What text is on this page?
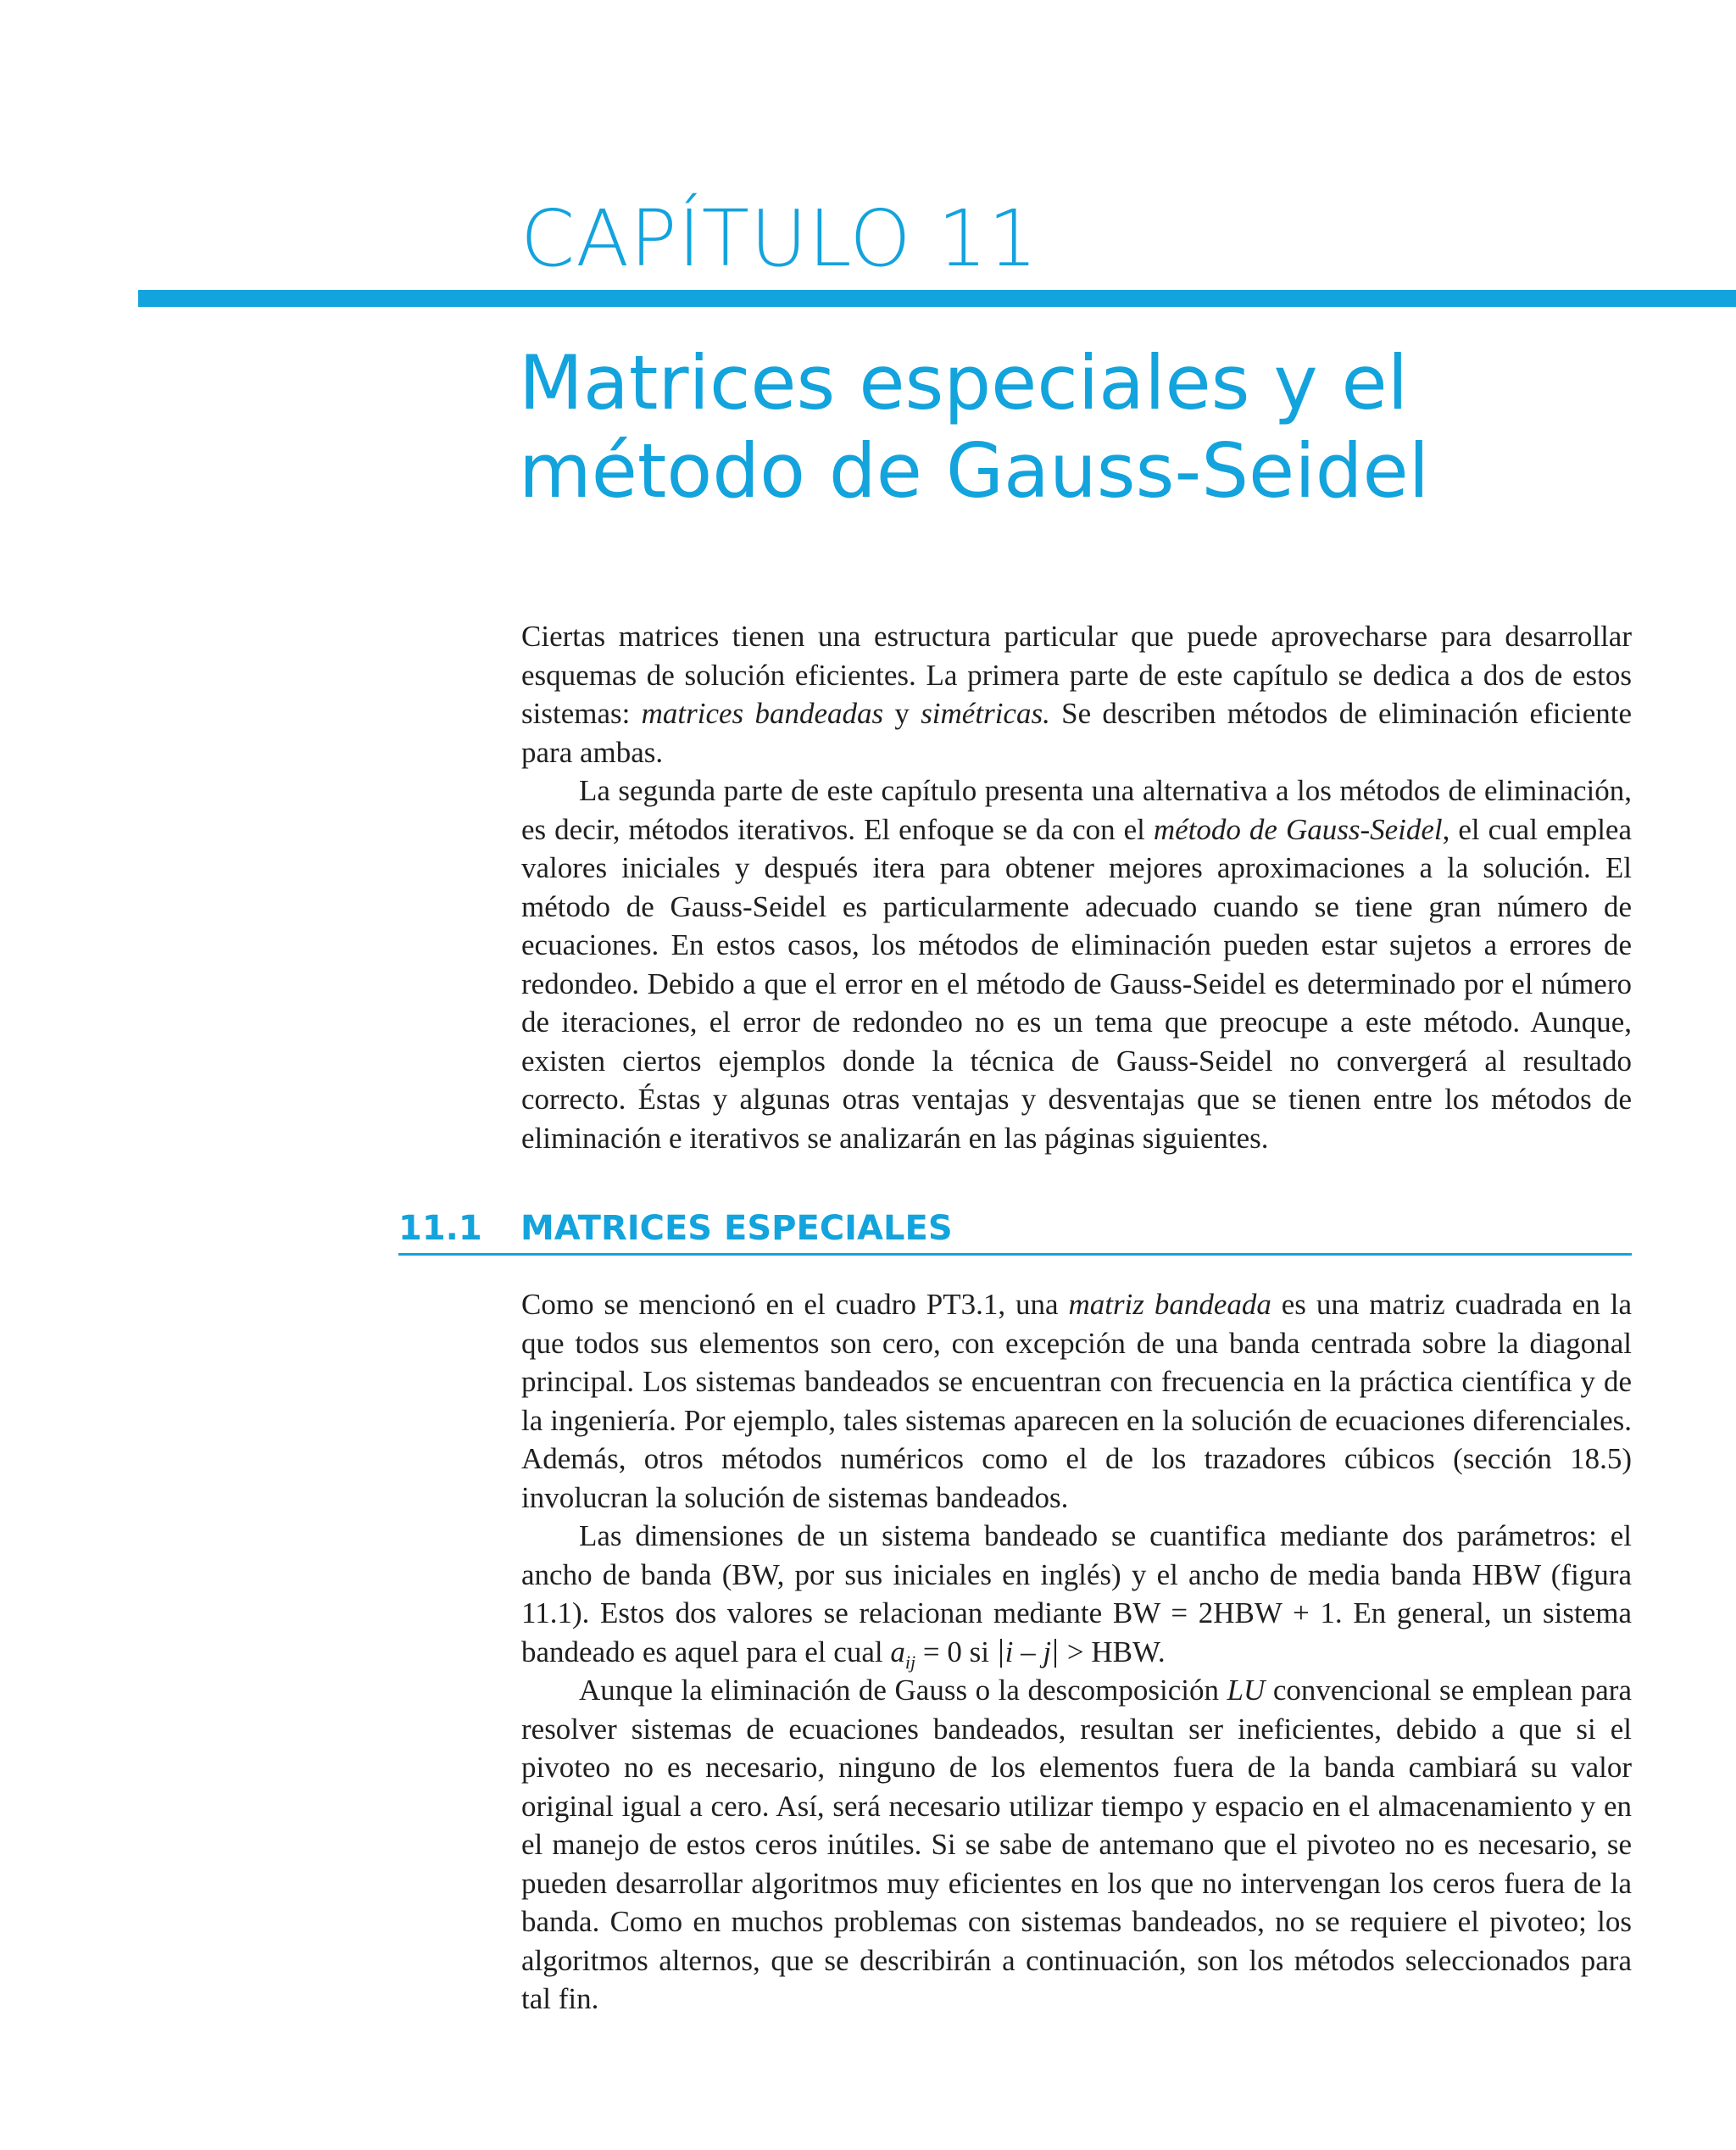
CAPÍTULO 11
Matrices especiales y el método de Gauss-Seidel

Ciertas matrices tienen una estructura particular que puede aprovecharse para desarrollar esquemas de solución eficientes. La primera parte de este capítulo se dedica a dos de estos sistemas: matrices bandeadas y simétricas. Se describen métodos de eliminación eficiente para ambas.

La segunda parte de este capítulo presenta una alternativa a los métodos de eliminación, es decir, métodos iterativos. El enfoque se da con el método de Gauss-Seidel, el cual emplea valores iniciales y después itera para obtener mejores aproximaciones a la solución. El método de Gauss-Seidel es particularmente adecuado cuando se tiene gran número de ecuaciones. En estos casos, los métodos de eliminación pueden estar sujetos a errores de redondeo. Debido a que el error en el método de Gauss-Seidel es determinado por el número de iteraciones, el error de redondeo no es un tema que preocupe a este método. Aunque, existen ciertos ejemplos donde la técnica de Gauss-Seidel no convergerá al resultado correcto. Éstas y algunas otras ventajas y desventajas que se tienen entre los métodos de eliminación e iterativos se analizarán en las páginas siguientes.

11.1 MATRICES ESPECIALES

Como se mencionó en el cuadro PT3.1, una matriz bandeada es una matriz cuadrada en la que todos sus elementos son cero, con excepción de una banda centrada sobre la diagonal principal. Los sistemas bandeados se encuentran con frecuencia en la práctica científica y de la ingeniería. Por ejemplo, tales sistemas aparecen en la solución de ecuaciones diferenciales. Además, otros métodos numéricos como el de los trazadores cúbicos (sección 18.5) involucran la solución de sistemas bandeados.

Las dimensiones de un sistema bandeado se cuantifica mediante dos parámetros: el ancho de banda (BW, por sus iniciales en inglés) y el ancho de media banda HBW (figura 11.1). Estos dos valores se relacionan mediante BW = 2HBW + 1. En general, un sistema bandeado es aquel para el cual $a_{ij} = 0$ si i – j > HBW.

Aunque la eliminación de Gauss o la descomposición LU convencional se emplean para resolver sistemas de ecuaciones bandeados, resultan ser ineficientes, debido a que si el pivoteo no es necesario, ninguno de los elementos fuera de la banda cambiará su valor original igual a cero. Así, será necesario utilizar tiempo y espacio en el almacenamiento y en el manejo de estos ceros inútiles. Si se sabe de antemano que el pivoteo no es necesario, se pueden desarrollar algoritmos muy eficientes en los que no intervengan los ceros fuera de la banda. Como en muchos problemas con sistemas bandeados, no se requiere el pivoteo; los algoritmos alternos, que se describirán a continuación, son los métodos seleccionados para tal fin.
